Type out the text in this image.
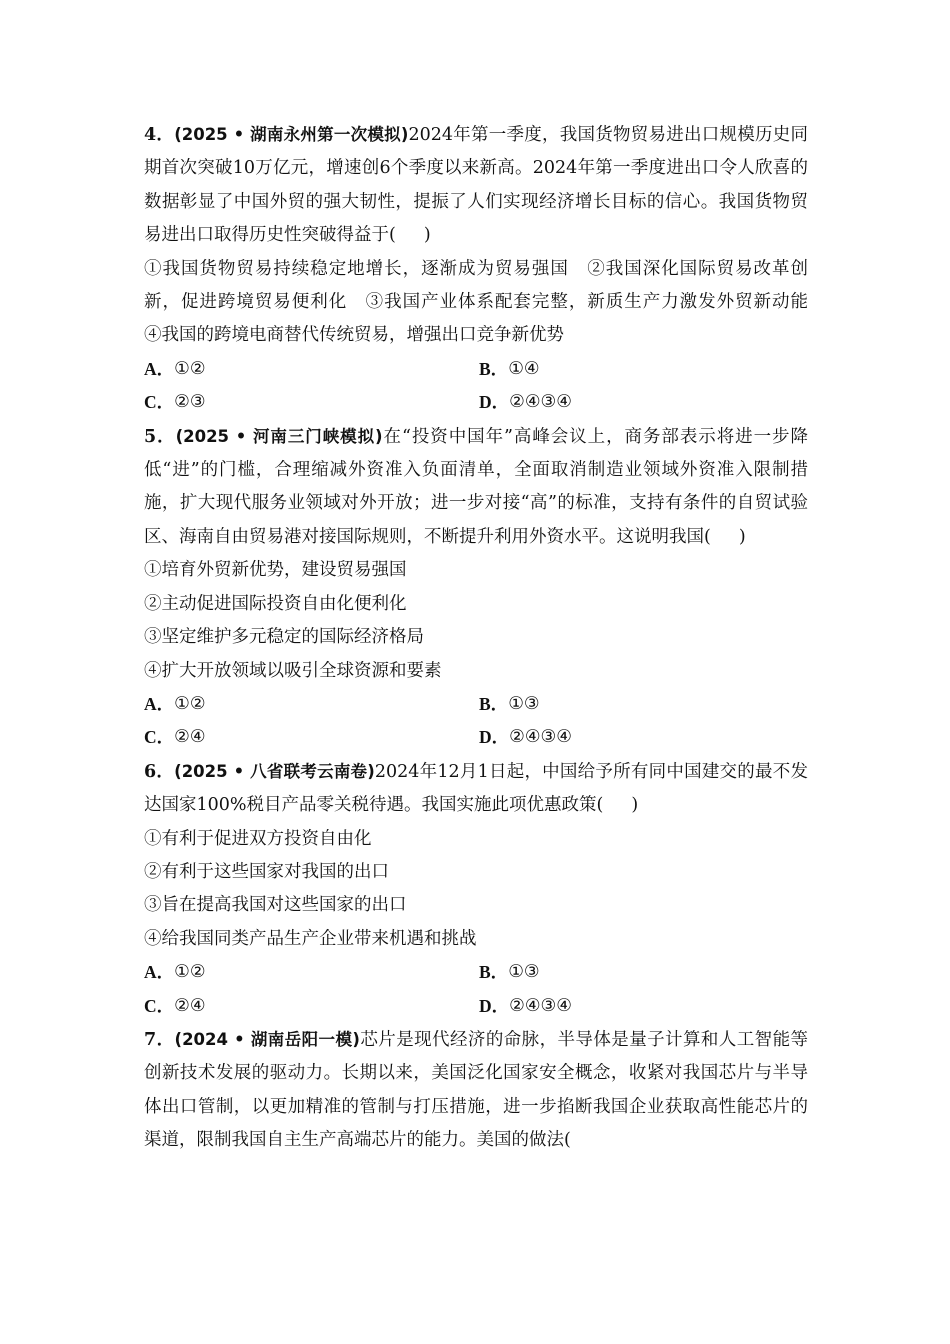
4．(2025 • 湖南永州第一次模拟)2024年第一季度，我国货物贸易进出口规模历史同期首次突破10万亿元，增速创6个季度以来新高。2024年第一季度进出口令人欣喜的数据彰显了中国外贸的强大韧性，提振了人们实现经济增长目标的信心。我国货物贸易进出口取得历史性突破得益于( )

①我国货物贸易持续稳定地增长，逐渐成为贸易强国　②我国深化国际贸易改革创新，促进跨境贸易便利化　③我国产业体系配套完整，新质生产力激发外贸新动能　④我国的跨境电商替代传统贸易，增强出口竞争新优势

A． ①②	B． ①④
C． ②③	D． ②④③④

5．(2025 • 河南三门峡模拟)在“投资中国年”高峰会议上，商务部表示将进一步降低“进”的门槛，合理缩减外资准入负面清单，全面取消制造业领域外资准入限制措施，扩大现代服务业领域对外开放；进一步对接“高”的标准，支持有条件的自贸试验区、海南自由贸易港对接国际规则，不断提升利用外资水平。这说明我国( )

①培育外贸新优势，建设贸易强国

②主动促进国际投资自由化便利化

③坚定维护多元稳定的国际经济格局

④扩大开放领域以吸引全球资源和要素

A． ①②	B． ①③
C． ②④	D． ②④③④

6．(2025 • 八省联考云南卷)2024年12月1日起，中国给予所有同中国建交的最不发达国家100%税目产品零关税待遇。我国实施此项优惠政策( )

①有利于促进双方投资自由化

②有利于这些国家对我国的出口

③旨在提高我国对这些国家的出口

④给我国同类产品生产企业带来机遇和挑战

A． ①②	B． ①③
C． ②④	D． ②④③④

7．(2024 • 湖南岳阳一模)芯片是现代经济的命脉，半导体是量子计算和人工智能等创新技术发展的驱动力。长期以来，美国泛化国家安全概念，收紧对我国芯片与半导体出口管制，以更加精准的管制与打压措施，进一步掐断我国企业获取高性能芯片的渠道，限制我国自主生产高端芯片的能力。美国的做法(
